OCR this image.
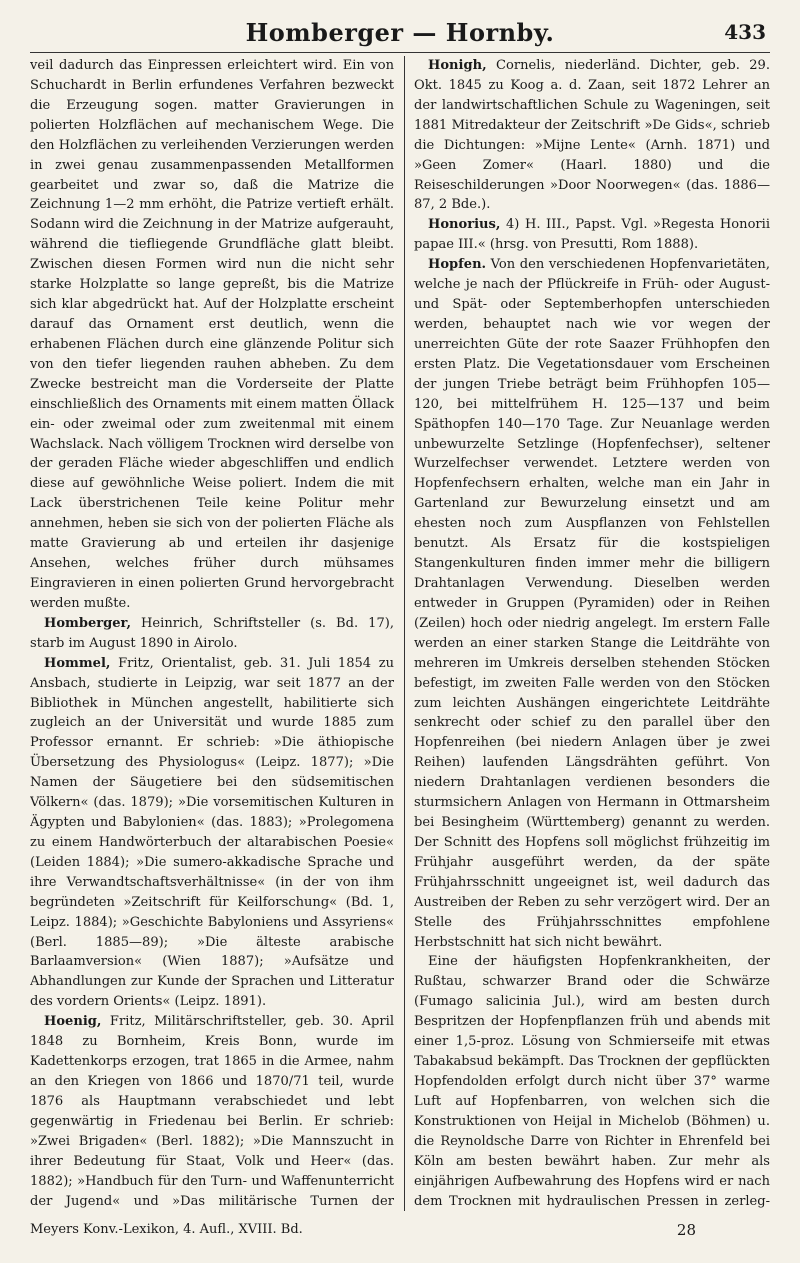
Homberger — Hornby.	433

veil dadurch das Einpressen erleichtert wird. Ein von Schuchardt in Berlin erfundenes Verfahren bezweckt die Erzeugung sogen. matter Gravierungen in polierten Holzflächen auf mechanischem Wege. Die den Holzflächen zu verleihenden Verzierungen werden in zwei genau zusammenpassenden Metallformen gearbeitet und zwar so, daß die Matrize die Zeichnung 1—2 mm erhöht, die Patrize vertieft erhält. Sodann wird die Zeichnung in der Matrize aufgerauht, während die tiefliegende Grundfläche glatt bleibt. Zwischen diesen Formen wird nun die nicht sehr starke Holzplatte so lange gepreßt, bis die Matrize sich klar abgedrückt hat. Auf der Holzplatte erscheint darauf das Ornament erst deutlich, wenn die erhabenen Flächen durch eine glänzende Politur sich von den tiefer liegenden rauhen abheben. Zu dem Zwecke bestreicht man die Vorderseite der Platte einschließlich des Ornaments mit einem matten Öllack ein- oder zweimal oder zum zweitenmal mit einem Wachslack. Nach völligem Trocknen wird derselbe von der geraden Fläche wieder abgeschliffen und endlich diese auf gewöhnliche Weise poliert. Indem die mit Lack überstrichenen Teile keine Politur mehr annehmen, heben sie sich von der polierten Fläche als matte Gravierung ab und erteilen ihr dasjenige Ansehen, welches früher durch mühsames Eingravieren in einen polierten Grund hervorgebracht werden mußte.

Homberger, Heinrich, Schriftsteller (s. Bd. 17), starb im August 1890 in Airolo.

Hommel, Fritz, Orientalist, geb. 31. Juli 1854 zu Ansbach, studierte in Leipzig, war seit 1877 an der Bibliothek in München angestellt, habilitierte sich zugleich an der Universität und wurde 1885 zum Professor ernannt. Er schrieb: »Die äthiopische Übersetzung des Physiologus« (Leipz. 1877); »Die Namen der Säugetiere bei den südsemitischen Völkern« (das. 1879); »Die vorsemitischen Kulturen in Ägypten und Babylonien« (das. 1883); »Prolegomena zu einem Handwörterbuch der altarabischen Poesie« (Leiden 1884); »Die sumero-akkadische Sprache und ihre Verwandtschaftsverhältnisse« (in der von ihm begründeten »Zeitschrift für Keilforschung« (Bd. 1, Leipz. 1884); »Geschichte Babyloniens und Assyriens« (Berl. 1885—89); »Die älteste arabische Barlaamversion« (Wien 1887); »Aufsätze und Abhandlungen zur Kunde der Sprachen und Litteratur des vordern Orients« (Leipz. 1891).

Hoenig, Fritz, Militärschriftsteller, geb. 30. April 1848 zu Bornheim, Kreis Bonn, wurde im Kadettenkorps erzogen, trat 1865 in die Armee, nahm an den Kriegen von 1866 und 1870/71 teil, wurde 1876 als Hauptmann verabschiedet und lebt gegenwärtig in Friedenau bei Berlin. Er schrieb: »Zwei Brigaden« (Berl. 1882); »Die Mannszucht in ihrer Bedeutung für Staat, Volk und Heer« (das. 1882); »Handbuch für den Turn- und Waffenunterricht der Jugend« und »Das militärische Turnen der

Honigh, Cornelis, niederländ. Dichter, geb. 29. Okt. 1845 zu Koog a. d. Zaan, seit 1872 Lehrer an der landwirtschaftlichen Schule zu Wageningen, seit 1881 Mitredakteur der Zeitschrift »De Gids«, schrieb die Dichtungen: »Mijne Lente« (Arnh. 1871) und »Geen Zomer« (Haarl. 1880) und die Reiseschilderungen »Door Noorwegen« (das. 1886—87, 2 Bde.).

Honorius, 4) H. III., Papst. Vgl. »Regesta Honorii papae III.« (hrsg. von Presutti, Rom 1888).

Hopfen. Von den verschiedenen Hopfenvarietäten, welche je nach der Pflückreife in Früh- oder August- und Spät- oder Septemberhopfen unterschieden werden, behauptet nach wie vor wegen der unerreichten Güte der rote Saazer Frühhopfen den ersten Platz. Die Vegetationsdauer vom Erscheinen der jungen Triebe beträgt beim Frühhopfen 105—120, bei mittelfrühem H. 125—137 und beim Späthopfen 140—170 Tage. Zur Neuanlage werden unbewurzelte Setzlinge (Hopfenfechser), seltener Wurzelfechser verwendet. Letztere werden von Hopfenfechsern erhalten, welche man ein Jahr in Gartenland zur Bewurzelung einsetzt und am ehesten noch zum Auspflanzen von Fehlstellen benutzt. Als Ersatz für die kostspieligen Stangenkulturen finden immer mehr die billigern Drahtanlagen Verwendung. Dieselben werden entweder in Gruppen (Pyramiden) oder in Reihen (Zeilen) hoch oder niedrig angelegt. Im erstern Falle werden an einer starken Stange die Leitdrähte von mehreren im Umkreis derselben stehenden Stöcken befestigt, im zweiten Falle werden von den Stöcken zum leichten Aushängen eingerichtete Leitdrähte senkrecht oder schief zu den parallel über den Hopfenreihen (bei niedern Anlagen über je zwei Reihen) laufenden Längsdrähten geführt. Von niedern Drahtanlagen verdienen besonders die sturmsichern Anlagen von Hermann in Ottmarsheim bei Besingheim (Württemberg) genannt zu werden. Der Schnitt des Hopfens soll möglichst frühzeitig im Frühjahr ausgeführt werden, da der späte Frühjahrsschnitt ungeeignet ist, weil dadurch das Austreiben der Reben zu sehr verzögert wird. Der an Stelle des Frühjahrsschnittes empfohlene Herbstschnitt hat sich nicht bewährt.

Eine der häufigsten Hopfenkrankheiten, der Rußtau, schwarzer Brand oder die Schwärze (Fumago salicinia Jul.), wird am besten durch Bespritzen der Hopfenpflanzen früh und abends mit einer 1,5-proz. Lösung von Schmierseife mit etwas Tabakabsud bekämpft. Das Trocknen der gepflückten Hopfendolden erfolgt durch nicht über 37° warme Luft auf Hopfenbarren, von welchen sich die Konstruktionen von Heijal in Michelob (Böhmen) u. die Reynoldsche Darre von Richter in Ehrenfeld bei Köln am besten bewährt haben. Zur mehr als einjährigen Aufbewahrung des Hopfens wird er nach dem Trocknen mit hydraulischen Pressen in zerleg-

Meyers Konv.-Lexikon, 4. Aufl., XVIII. Bd.	28
